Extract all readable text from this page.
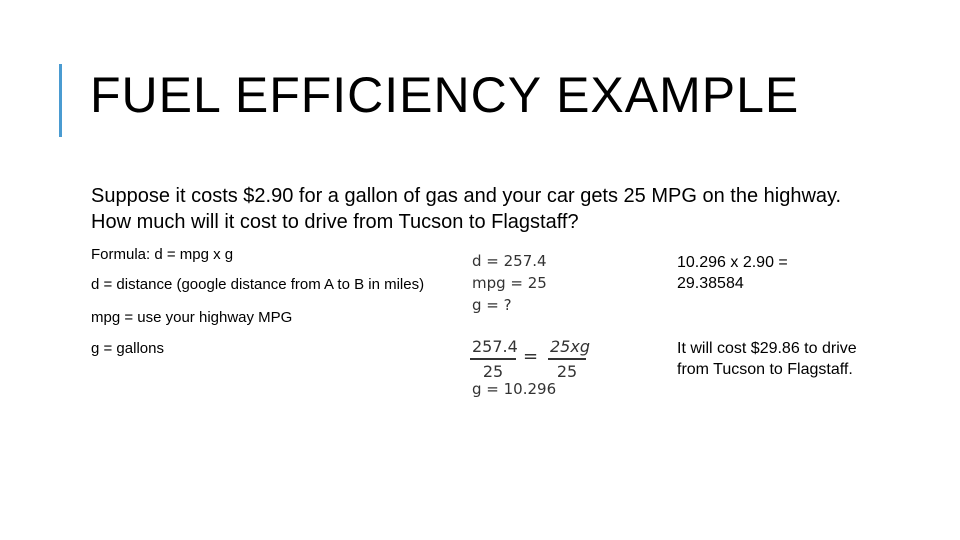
FUEL EFFICIENCY EXAMPLE
Suppose it costs $2.90 for a gallon of gas and your car gets 25 MPG on the highway. How much will it cost to drive from Tucson to Flagstaff?
Formula: d = mpg x g
d = distance (google distance from A to B in miles)
mpg = use your highway MPG
g = gallons
d = 257.4
mpg = 25
g = ?
257.4
25
= 25xg
25
g = 10.296
10.296 x 2.90 = 29.38584
It will cost $29.86 to drive from Tucson to Flagstaff.
